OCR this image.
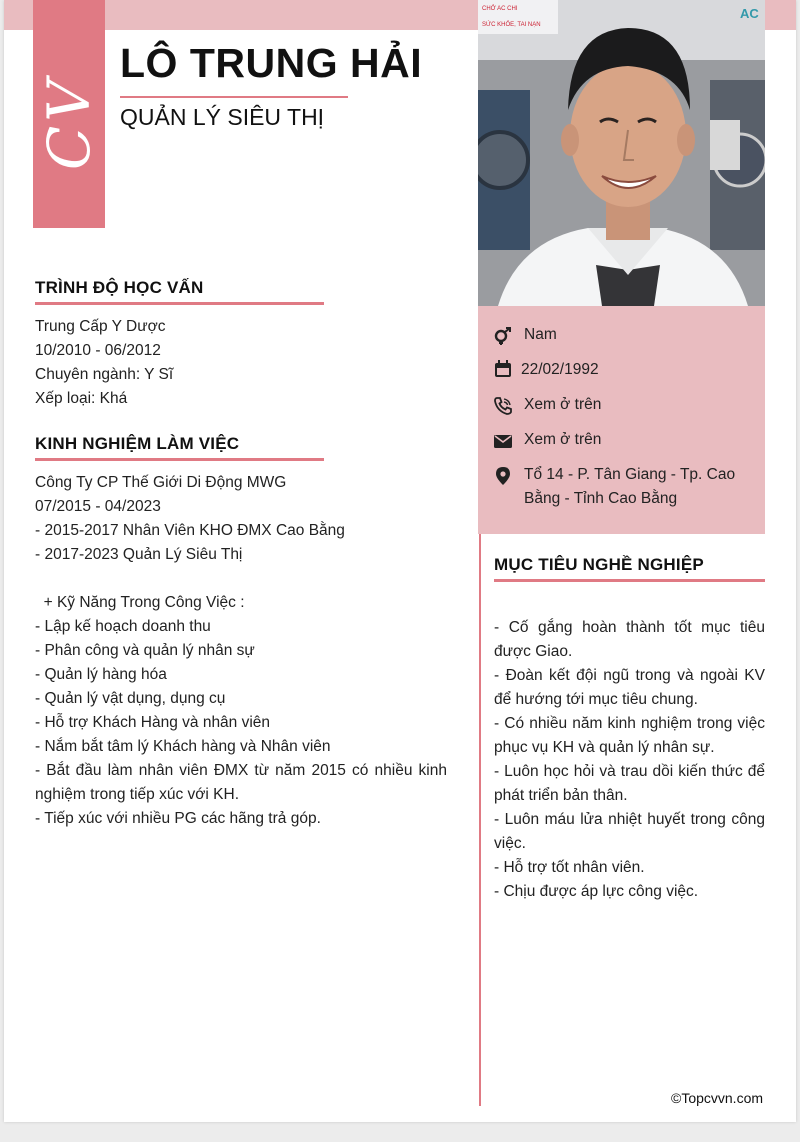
CV
LÔ TRUNG HẢI
QUẢN LÝ SIÊU THỊ
CHỞ AC CHI
SỨC KHỎE, TAI NẠN
AC
Nam
22/02/1992
Xem ở trên
Xem ở trên
Tổ 14 - P. Tân Giang - Tp. Cao Bằng - Tỉnh Cao Bằng
TRÌNH ĐỘ HỌC VẤN
Trung Cấp Y Dược
10/2010 - 06/2012
Chuyên ngành: Y Sĩ
Xếp loại: Khá
KINH NGHIỆM LÀM VIỆC
Công Ty CP Thế Giới Di Động MWG
07/2015 - 04/2023
- 2015-2017 Nhân Viên KHO ĐMX Cao Bằng
- 2017-2023 Quản Lý Siêu Thị
+ Kỹ Năng Trong Công Việc :
- Lập kế hoạch doanh thu
- Phân công và quản lý nhân sự
- Quản lý hàng hóa
- Quản lý vật dụng, dụng cụ
- Hỗ trợ Khách Hàng và nhân viên
- Nắm bắt tâm lý Khách hàng và Nhân viên
- Bắt đầu làm nhân viên ĐMX từ năm 2015 có nhiều kinh nghiệm trong tiếp xúc với KH.
- Tiếp xúc với nhiều PG các hãng trả góp.
MỤC TIÊU NGHỀ NGHIỆP
- Cố gắng hoàn thành tốt mục tiêu được Giao.
- Đoàn kết đội ngũ trong và ngoài KV để hướng tới mục tiêu chung.
- Có nhiều năm kinh nghiệm trong việc phục vụ KH và quản lý nhân sự.
- Luôn học hỏi và trau dồi kiến thức để phát triển bản thân.
- Luôn máu lửa nhiệt huyết trong công việc.
- Hỗ trợ tốt nhân viên.
- Chịu được áp lực công việc.
©Topcvvn.com
